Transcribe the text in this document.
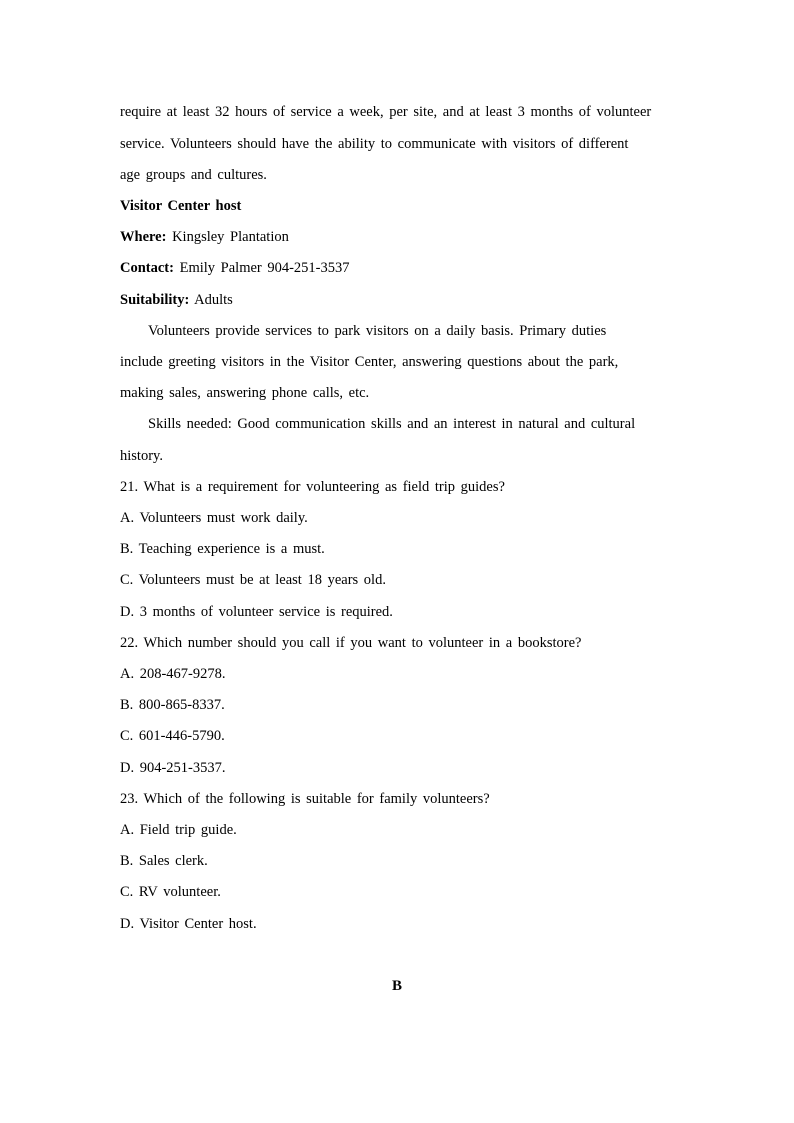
require at least 32 hours of service a week, per site, and at least 3 months of volunteer
service. Volunteers should have the ability to communicate with visitors of different
age groups and cultures.
Visitor Center host
Where: Kingsley Plantation
Contact: Emily Palmer 904-251-3537
Suitability: Adults
Volunteers provide services to park visitors on a daily basis. Primary duties
include greeting visitors in the Visitor Center, answering questions about the park,
making sales, answering phone calls, etc.
Skills needed: Good communication skills and an interest in natural and cultural
history.
21. What is a requirement for volunteering as field trip guides?
A. Volunteers must work daily.
B. Teaching experience is a must.
C. Volunteers must be at least 18 years old.
D. 3 months of volunteer service is required.
22. Which number should you call if you want to volunteer in a bookstore?
A. 208-467-9278.
B. 800-865-8337.
C. 601-446-5790.
D. 904-251-3537.
23. Which of the following is suitable for family volunteers?
A. Field trip guide.
B. Sales clerk.
C. RV volunteer.
D. Visitor Center host.
B
